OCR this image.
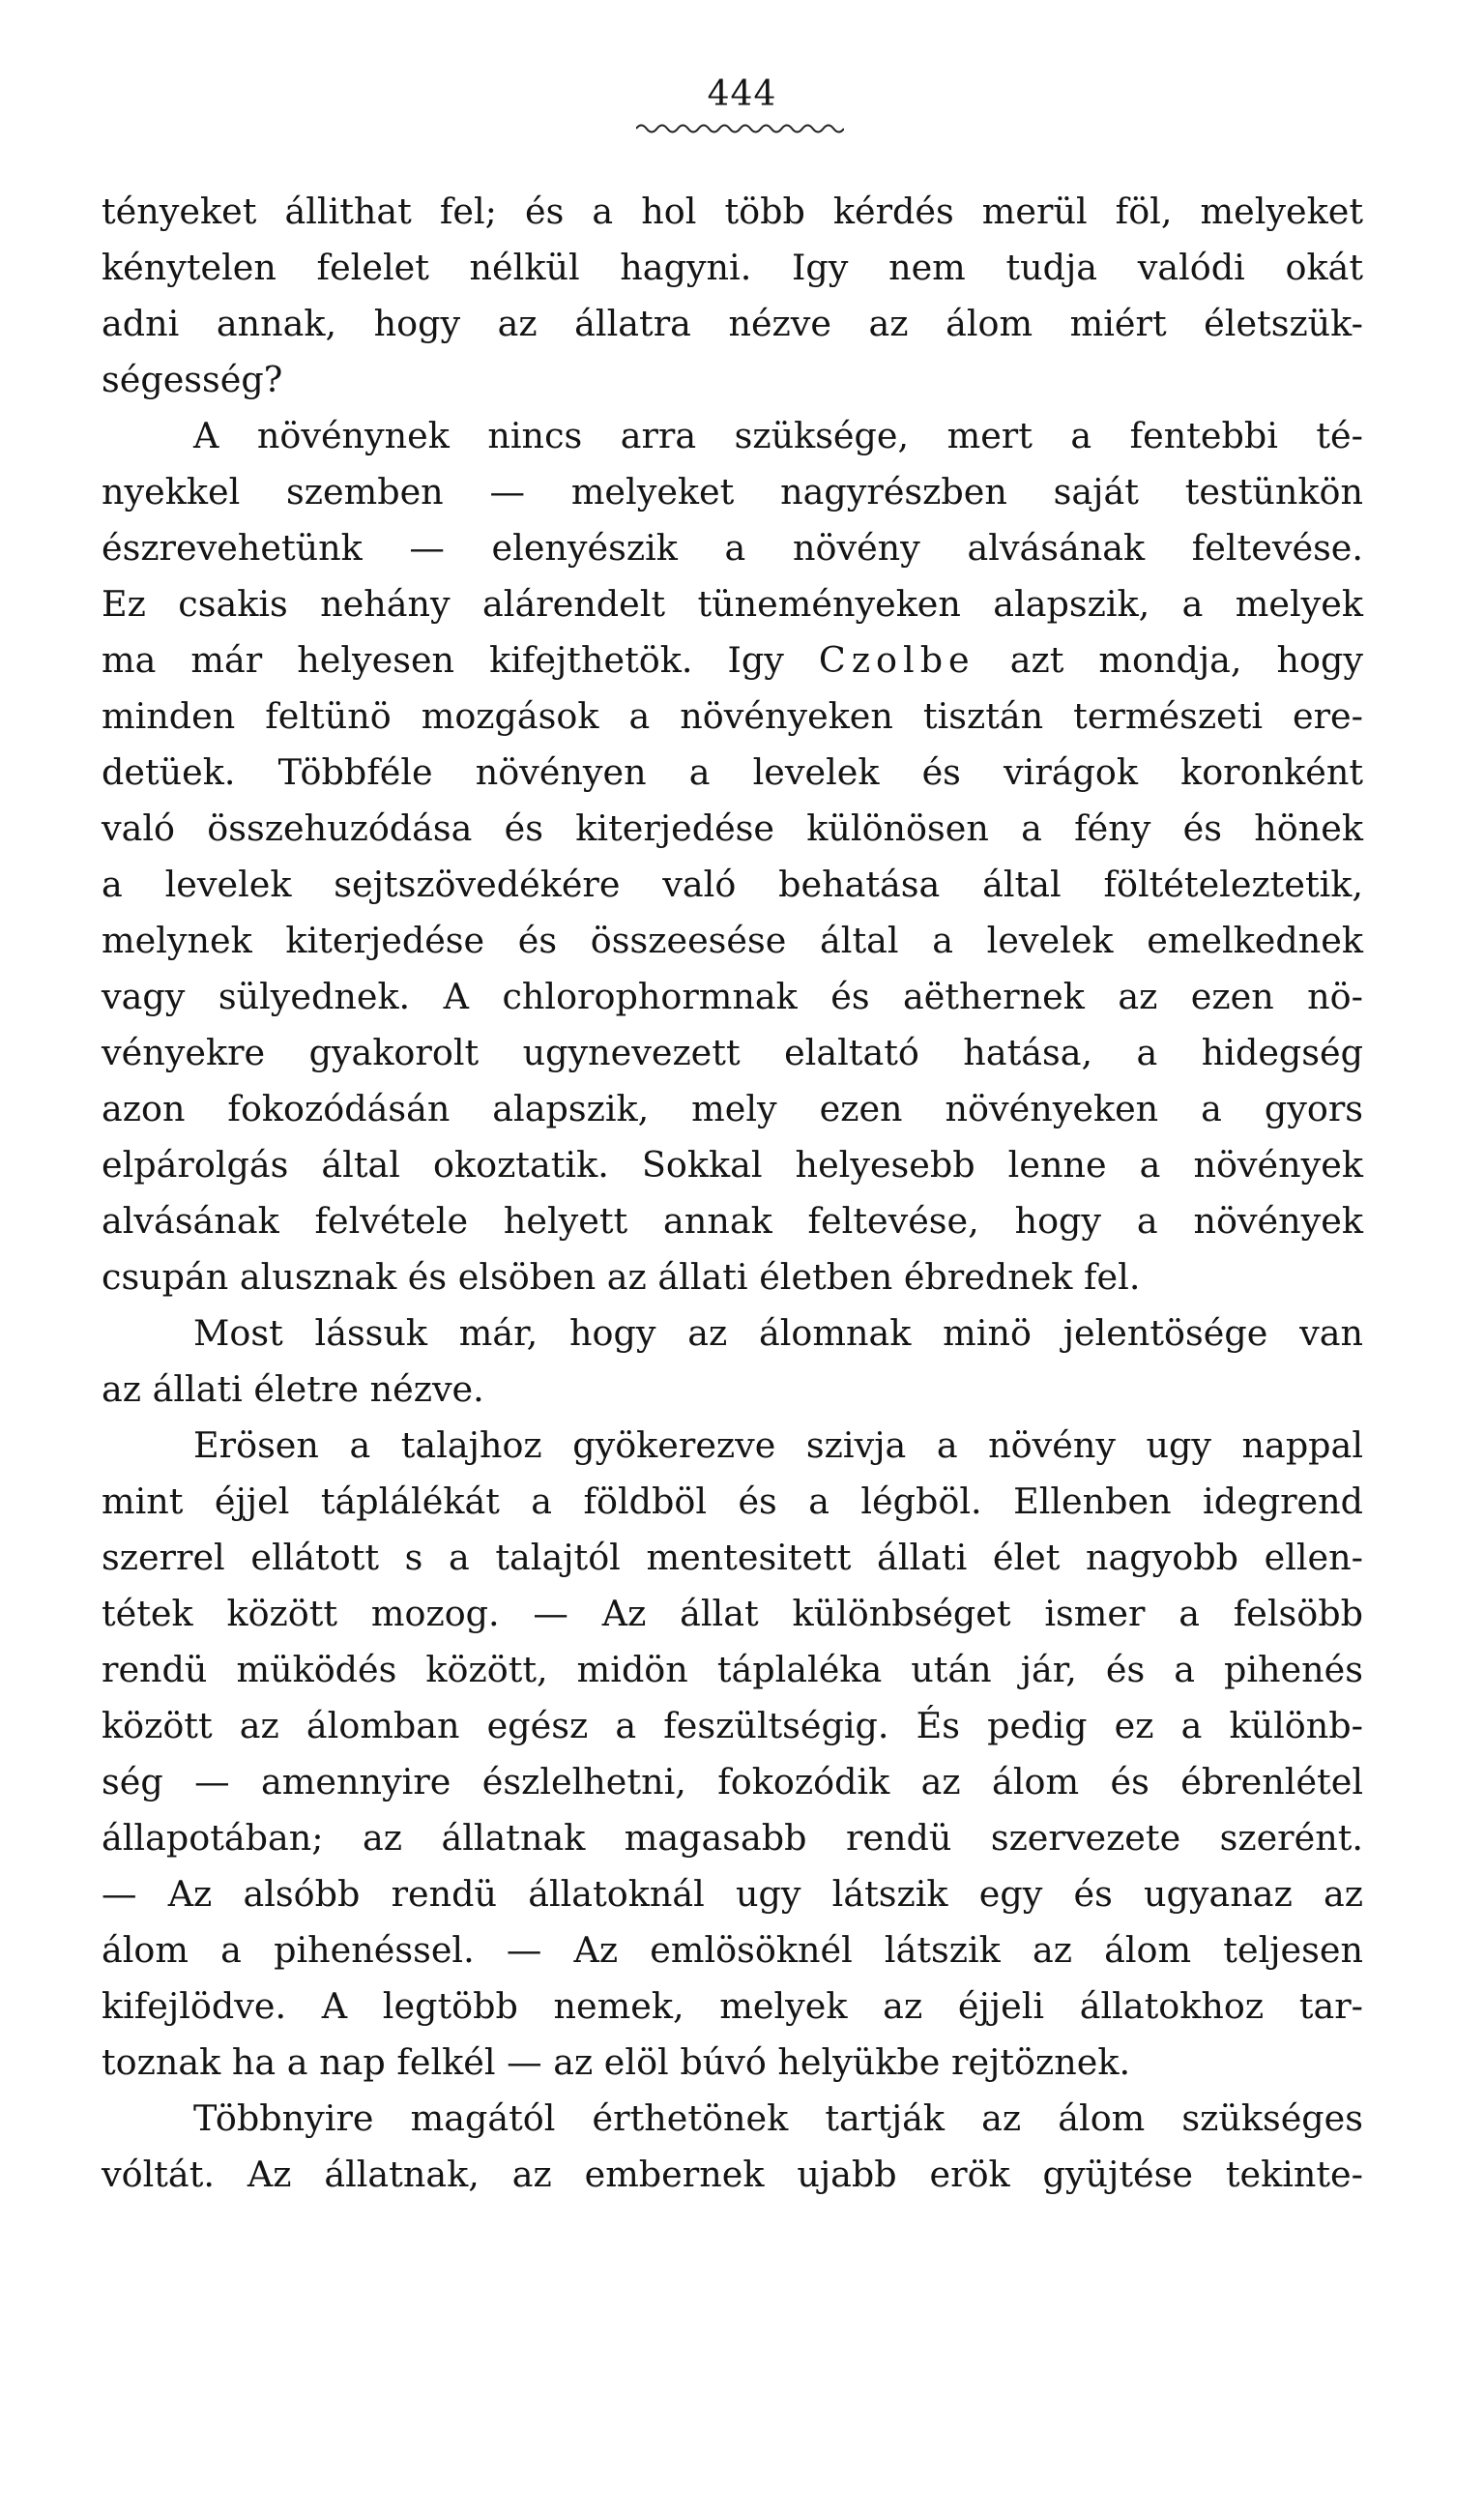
444
tényeket állithat fel; és a hol több kérdés merül föl, melyeket
kénytelen felelet nélkül hagyni. Igy nem tudja valódi okát
adni annak, hogy az állatra nézve az álom miért életszük-
ségesség?
A növénynek nincs arra szüksége, mert a fentebbi té-
nyekkel szemben — melyeket nagyrészben saját testünkön
észrevehetünk — elenyészik a növény alvásának feltevése.
Ez csakis nehány alárendelt tüneményeken alapszik, a melyek
ma már helyesen kifejthetök. Igy Czolbe azt mondja, hogy
minden feltünö mozgások a növényeken tisztán természeti ere-
detüek. Többféle növényen a levelek és virágok koronként
való összehuzódása és kiterjedése különösen a fény és hönek
a levelek sejtszövedékére való behatása által föltételeztetik,
melynek kiterjedése és összeesése által a levelek emelkednek
vagy sülyednek. A chlorophormnak és aëthernek az ezen nö-
vényekre gyakorolt ugynevezett elaltató hatása, a hidegség
azon fokozódásán alapszik, mely ezen növényeken a gyors
elpárolgás által okoztatik. Sokkal helyesebb lenne a növények
alvásának felvétele helyett annak feltevése, hogy a növények
csupán alusznak és elsöben az állati életben ébrednek fel.
Most lássuk már, hogy az álomnak minö jelentösége van
az állati életre nézve.
Erösen a talajhoz gyökerezve szivja a növény ugy nappal
mint éjjel táplálékát a földböl és a légböl. Ellenben idegrend
szerrel ellátott s a talajtól mentesitett állati élet nagyobb ellen-
tétek között mozog. — Az állat különbséget ismer a felsöbb
rendü müködés között, midön táplaléka után jár, és a pihenés
között az álomban egész a feszültségig. És pedig ez a különb-
ség — amennyire észlelhetni, fokozódik az álom és ébrenlétel
állapotában; az állatnak magasabb rendü szervezete szerént.
— Az alsóbb rendü állatoknál ugy látszik egy és ugyanaz az
álom a pihenéssel. — Az emlösöknél látszik az álom teljesen
kifejlödve. A legtöbb nemek, melyek az éjjeli állatokhoz tar-
toznak ha a nap felkél — az elöl búvó helyükbe rejtöznek.
Többnyire magától érthetönek tartják az álom szükséges
vóltát. Az állatnak, az embernek ujabb erök gyüjtése tekinte-
